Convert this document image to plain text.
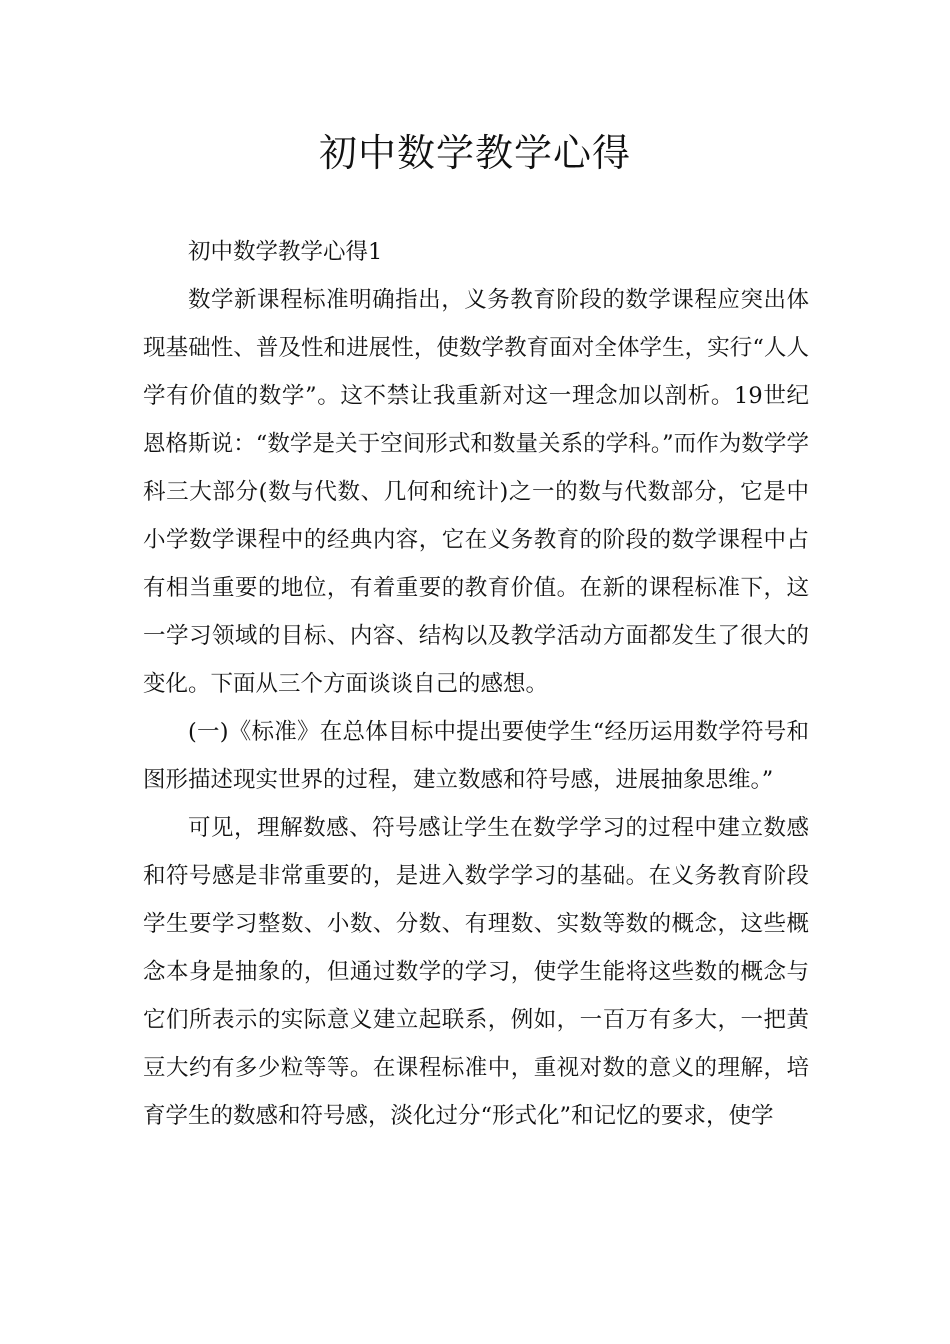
初中数学教学心得

初中数学教学心得1

数学新课程标准明确指出，义务教育阶段的数学课程应突出体现基础性、普及性和进展性，使数学教育面对全体学生，实行“人人学有价值的数学”。这不禁让我重新对这一理念加以剖析。19世纪恩格斯说：“数学是关于空间形式和数量关系的学科。”而作为数学学科三大部分(数与代数、几何和统计)之一的数与代数部分，它是中小学数学课程中的经典内容，它在义务教育的阶段的数学课程中占有相当重要的地位，有着重要的教育价值。在新的课程标准下，这一学习领域的目标、内容、结构以及教学活动方面都发生了很大的变化。下面从三个方面谈谈自己的感想。

(一)《标准》在总体目标中提出要使学生“经历运用数学符号和图形描述现实世界的过程，建立数感和符号感，进展抽象思维。”

可见，理解数感、符号感让学生在数学学习的过程中建立数感和符号感是非常重要的，是进入数学学习的基础。在义务教育阶段学生要学习整数、小数、分数、有理数、实数等数的概念，这些概念本身是抽象的，但通过数学的学习，使学生能将这些数的概念与它们所表示的实际意义建立起联系，例如，一百万有多大，一把黄豆大约有多少粒等等。在课程标准中，重视对数的意义的理解，培育学生的数感和符号感，淡化过分“形式化”和记忆的要求，使学
